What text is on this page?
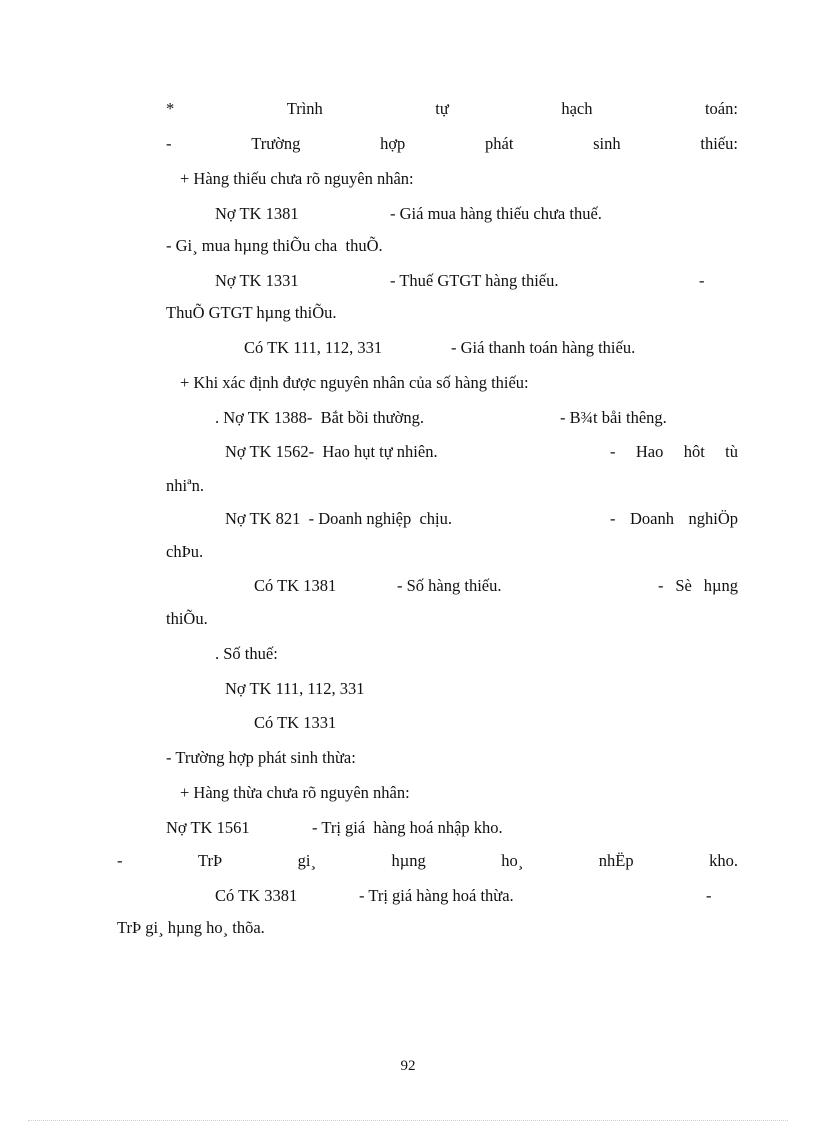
*	Trình	tự	hạch	toán:
-	Trường	hợp	phát	sinh	thiếu:
+ Hàng thiếu chưa rõ nguyên nhân:
Nợ TK 1381	- Giá mua hàng thiếu chưa thuế.
- Gi¸ mua hµng thiÕu cha  thuÕ.
Nợ TK 1331	- Thuế GTGT hàng thiếu.	-
ThuÕ GTGT hµng thiÕu.
Có TK 111, 112, 331	- Giá thanh toán hàng thiếu.
+ Khi xác định được nguyên nhân của số hàng thiếu:
. Nợ TK 1388-  Bắt bồi thường.	- B¾t båi thêng.
Nợ TK 1562-  Hao hụt tự nhiên.	- Hao hôt tù
nhiªn.
Nợ TK 821  - Doanh nghiệp  chịu.	- Doanh nghiÖp
chÞu.
Có TK 1381	- Số hàng thiếu.	- Sè hµng
thiÕu.
. Số thuế:
Nợ TK 111, 112, 331
Có TK 1331
- Trường hợp phát sinh thừa:
+ Hàng thừa chưa rõ nguyên nhân:
Nợ TK 1561	- Trị giá  hàng hoá nhập kho.
-	TrÞ	gi¸	hµng	ho¸	nhËp	kho.
Có TK 3381	- Trị giá hàng hoá thừa.	-
TrÞ gi¸ hµng ho¸ thõa.
92
